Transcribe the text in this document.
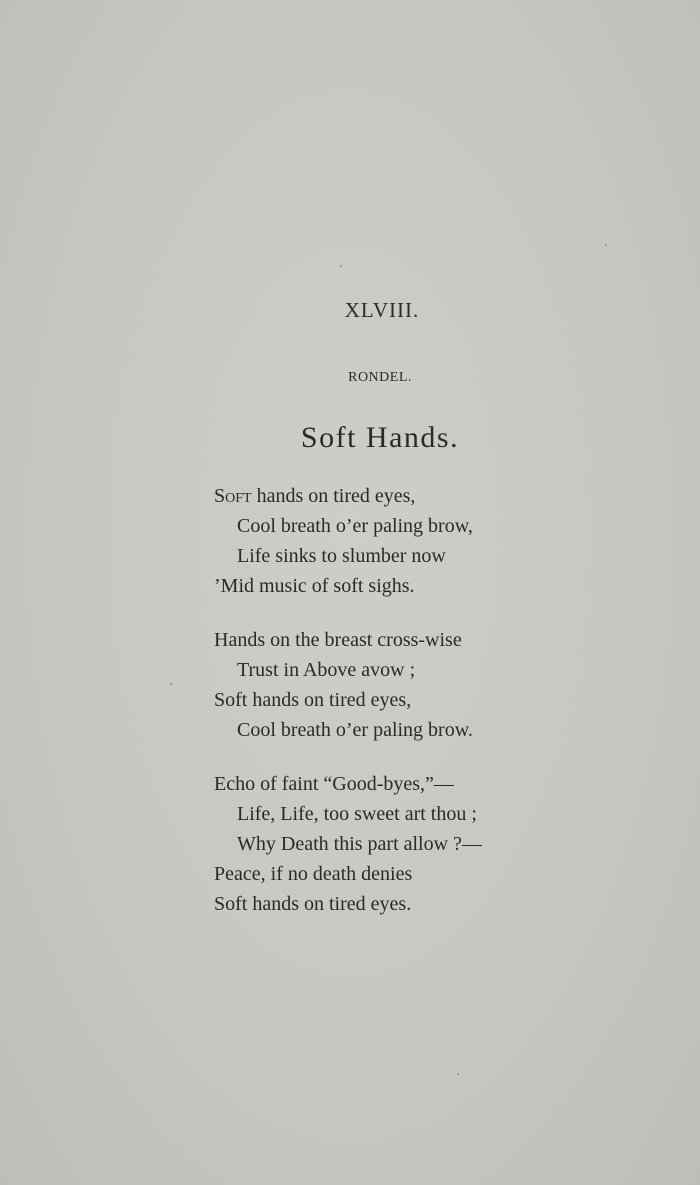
XLVIII.
RONDEL.
Soft Hands.
Soft hands on tired eyes,
Cool breath o’er paling brow,
Life sinks to slumber now
’Mid music of soft sighs.
Hands on the breast cross-wise
Trust in Above avow ;
Soft hands on tired eyes,
Cool breath o’er paling brow.
Echo of faint “Good-byes,”—
Life, Life, too sweet art thou ;
Why Death this part allow ?—
Peace, if no death denies
Soft hands on tired eyes.
